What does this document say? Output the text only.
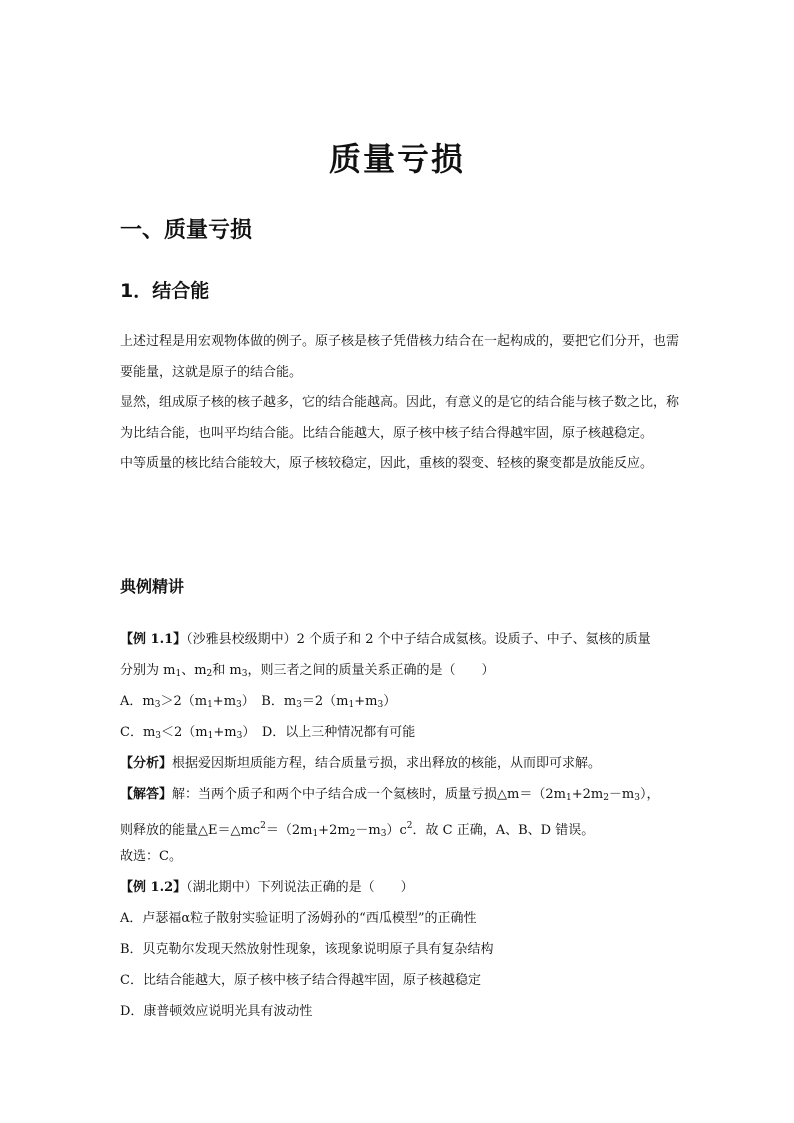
质量亏损
一、质量亏损
1．结合能

上述过程是用宏观物体做的例子。原子核是核子凭借核力结合在一起构成的，要把它们分开，也需要能量，这就是原子的结合能。

显然，组成原子核的核子越多，它的结合能越高。因此，有意义的是它的结合能与核子数之比，称为比结合能，也叫平均结合能。比结合能越大，原子核中核子结合得越牢固，原子核越稳定。

中等质量的核比结合能较大，原子核较稳定，因此，重核的裂变、轻核的聚变都是放能反应。

典例精讲
【例 1.1】（沙雅县校级期中）2 个质子和 2 个中子结合成氦核。设质子、中子、氦核的质量
分别为 $m_1$、$m_2$和 $m_3$，则三者之间的质量关系正确的是（　　）
A．$m_3>2(m_1+m_3)$　B．$m_3=2(m_1+m_3)$
C．$m_3<2(m_1+m_3)$　D．以上三种情况都有可能
【分析】根据爱因斯坦质能方程，结合质量亏损，求出释放的核能，从而即可求解。
【解答】解：当两个质子和两个中子结合成一个氦核时，质量亏损$\triangle m=(2m_1+2m_2-m_3)$，
则释放的能量$\triangle E=\triangle mc^2=(2m_1+2m_2-m_3)c^2$．故 C 正确，A、B、D 错误。
故选：C。
【例 1.2】（湖北期中）下列说法正确的是（　　）
A．卢瑟福α粒子散射实验证明了汤姆孙的“西瓜模型”的正确性
B．贝克勒尔发现天然放射性现象，该现象说明原子具有复杂结构
C．比结合能越大，原子核中核子结合得越牢固，原子核越稳定
D．康普顿效应说明光具有波动性
